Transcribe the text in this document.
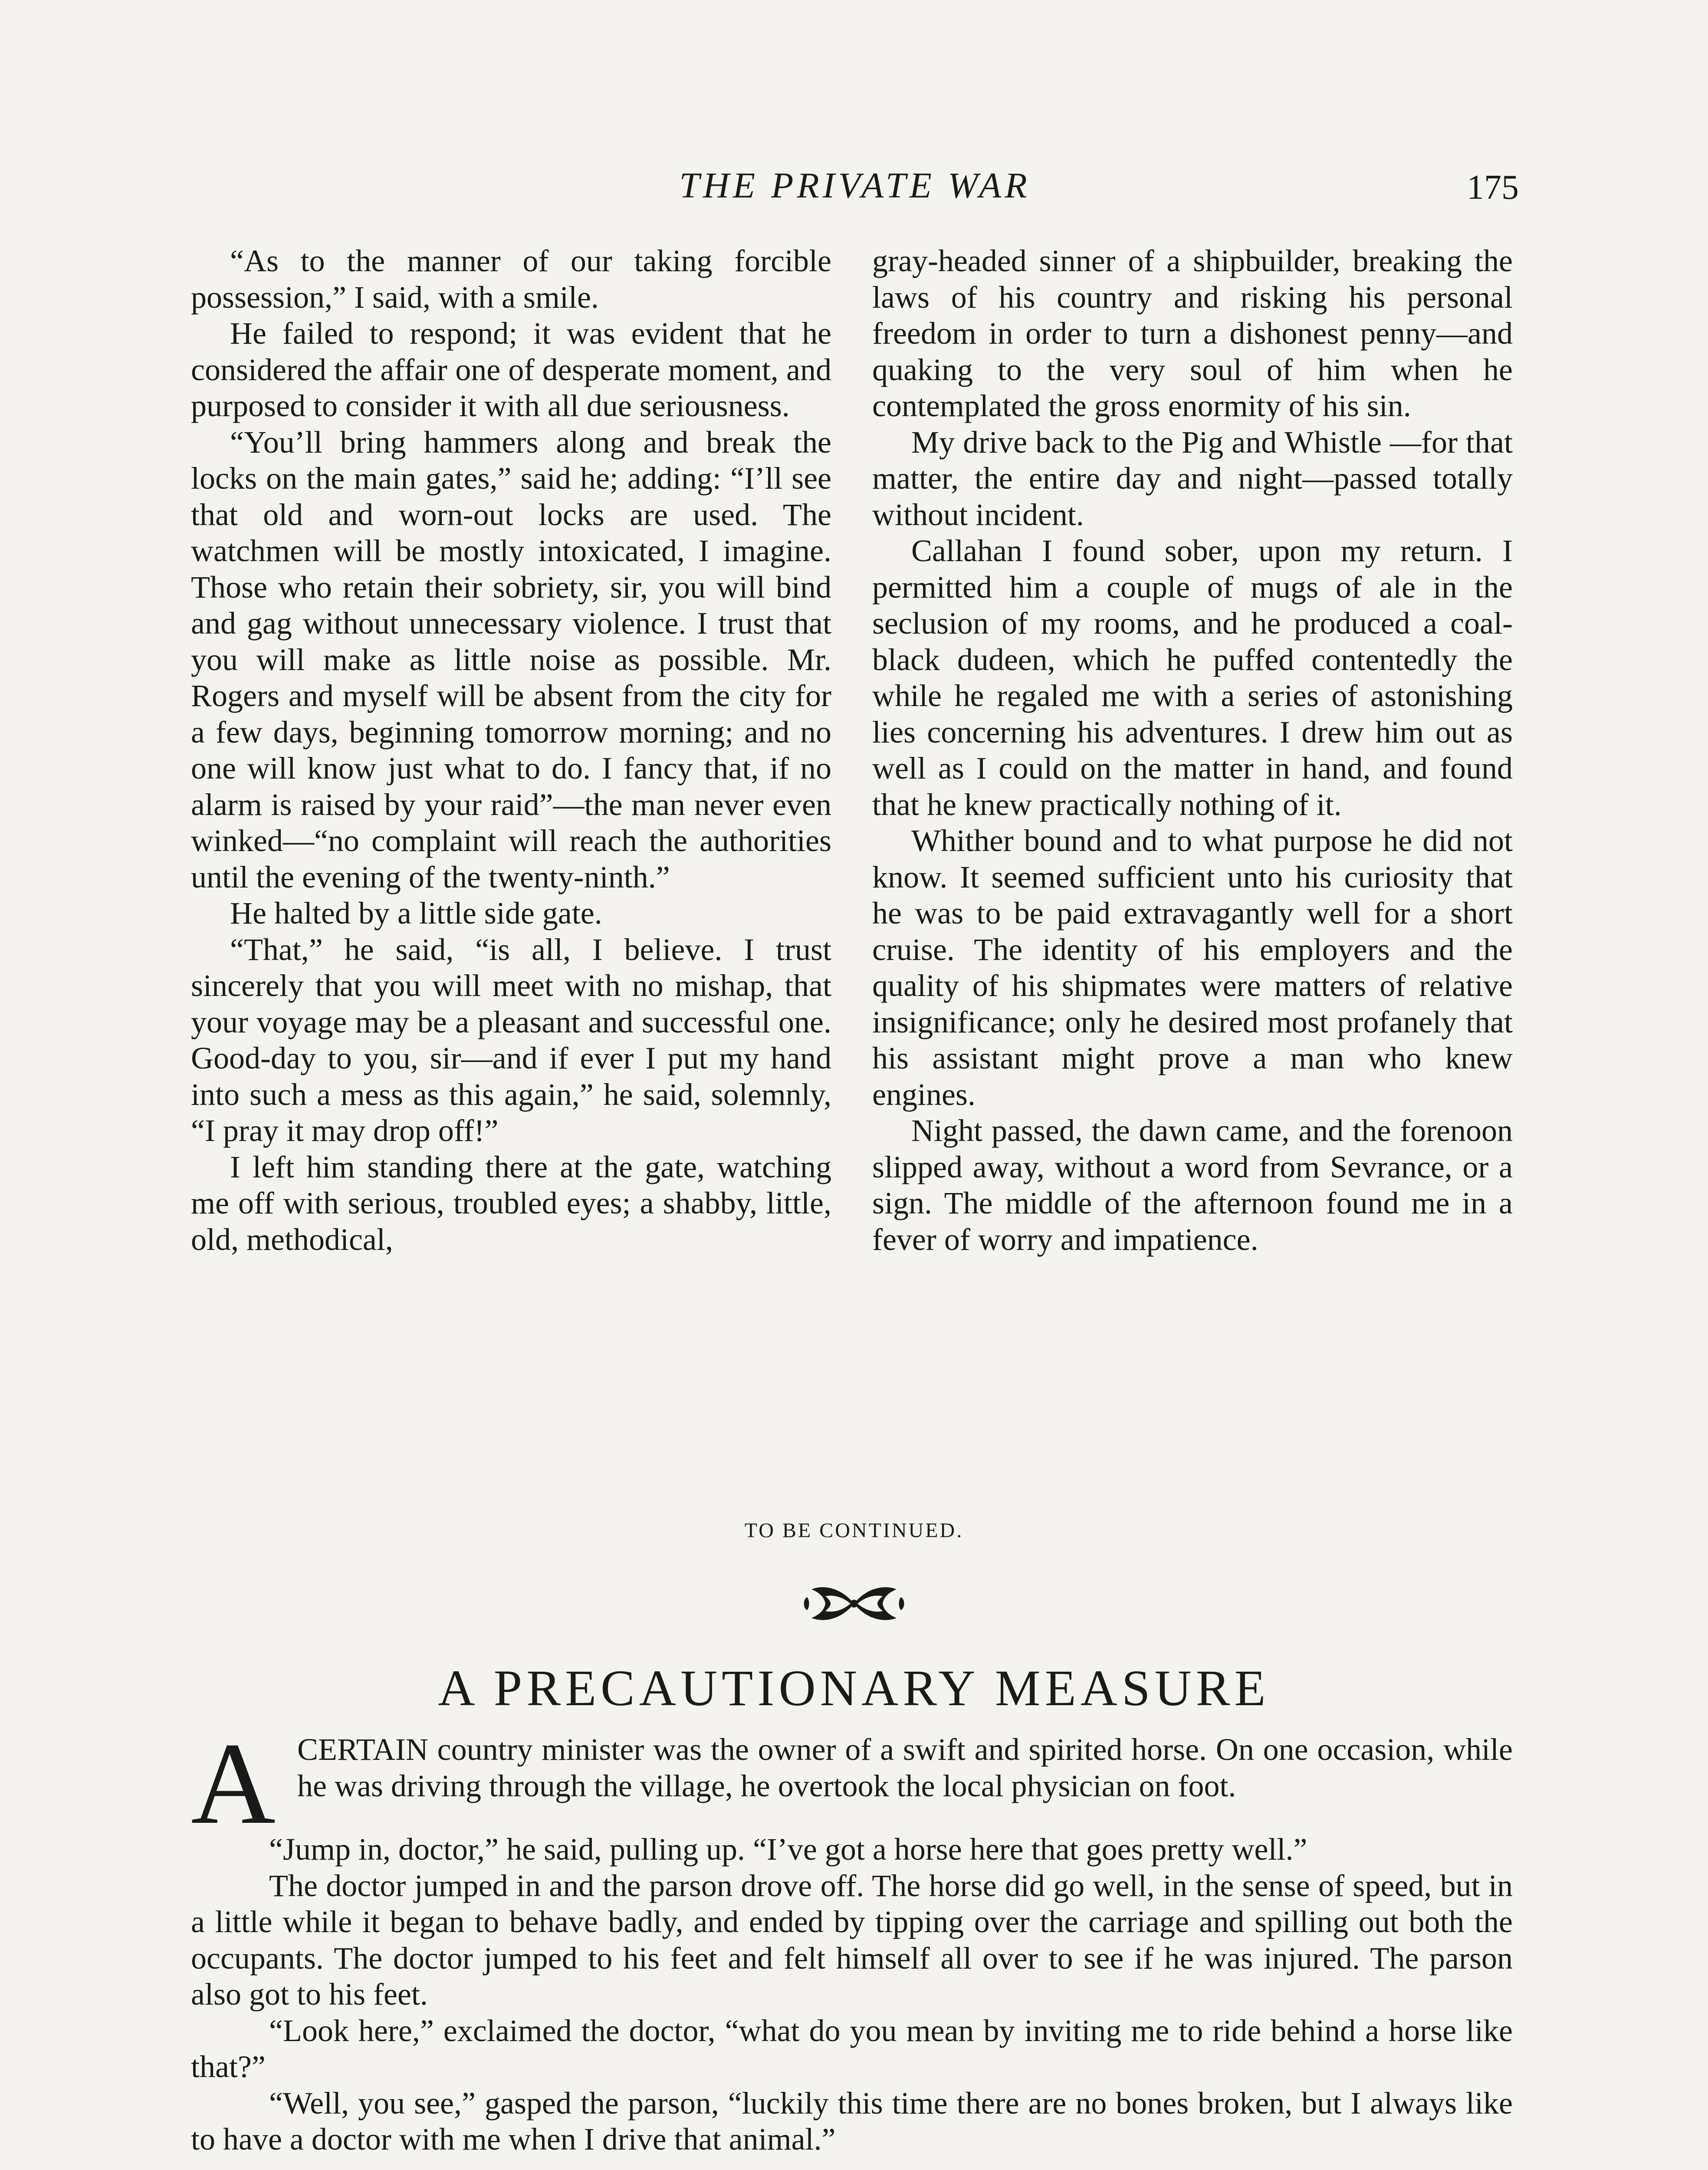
THE PRIVATE WAR	175

“As to the manner of our taking forcible possession,” I said, with a smile.

He failed to respond; it was evident that he considered the affair one of desperate moment, and purposed to consider it with all due seriousness.

“You’ll bring hammers along and break the locks on the main gates,” said he; adding: “I’ll see that old and worn-out locks are used. The watchmen will be mostly intoxicated, I imagine. Those who retain their sobriety, sir, you will bind and gag without unnecessary violence. I trust that you will make as little noise as possible. Mr. Rogers and myself will be absent from the city for a few days, beginning tomorrow morning; and no one will know just what to do. I fancy that, if no alarm is raised by your raid”—the man never even winked—“no complaint will reach the authorities until the evening of the twenty-ninth.”

He halted by a little side gate.

“That,” he said, “is all, I believe. I trust sincerely that you will meet with no mishap, that your voyage may be a pleasant and successful one. Good-day to you, sir—and if ever I put my hand into such a mess as this again,” he said, solemnly, “I pray it may drop off!”

I left him standing there at the gate, watching me off with serious, troubled eyes; a shabby, little, old, methodical,

gray-headed sinner of a shipbuilder, breaking the laws of his country and risking his personal freedom in order to turn a dishonest penny—and quaking to the very soul of him when he contemplated the gross enormity of his sin.

My drive back to the Pig and Whistle —for that matter, the entire day and night—passed totally without incident.

Callahan I found sober, upon my return. I permitted him a couple of mugs of ale in the seclusion of my rooms, and he produced a coal-black dudeen, which he puffed contentedly the while he regaled me with a series of astonishing lies concerning his adventures. I drew him out as well as I could on the matter in hand, and found that he knew practically nothing of it.

Whither bound and to what purpose he did not know. It seemed sufficient unto his curiosity that he was to be paid extravagantly well for a short cruise. The identity of his employers and the quality of his shipmates were matters of relative insignificance; only he desired most profanely that his assistant might prove a man who knew engines.

Night passed, the dawn came, and the forenoon slipped away, without a word from Sevrance, or a sign. The middle of the afternoon found me in a fever of worry and impatience.

TO BE CONTINUED.
A PRECAUTIONARY MEASURE

ACERTAIN country minister was the owner of a swift and spirited horse. On one occasion, while he was driving through the village, he overtook the local physician on foot.

“Jump in, doctor,” he said, pulling up. “I’ve got a horse here that goes pretty well.”

The doctor jumped in and the parson drove off. The horse did go well, in the sense of speed, but in a little while it began to behave badly, and ended by tipping over the carriage and spilling out both the occupants. The doctor jumped to his feet and felt himself all over to see if he was injured. The parson also got to his feet.

“Look here,” exclaimed the doctor, “what do you mean by inviting me to ride behind a horse like that?”

“Well, you see,” gasped the parson, “luckily this time there are no bones broken, but I always like to have a doctor with me when I drive that animal.”
